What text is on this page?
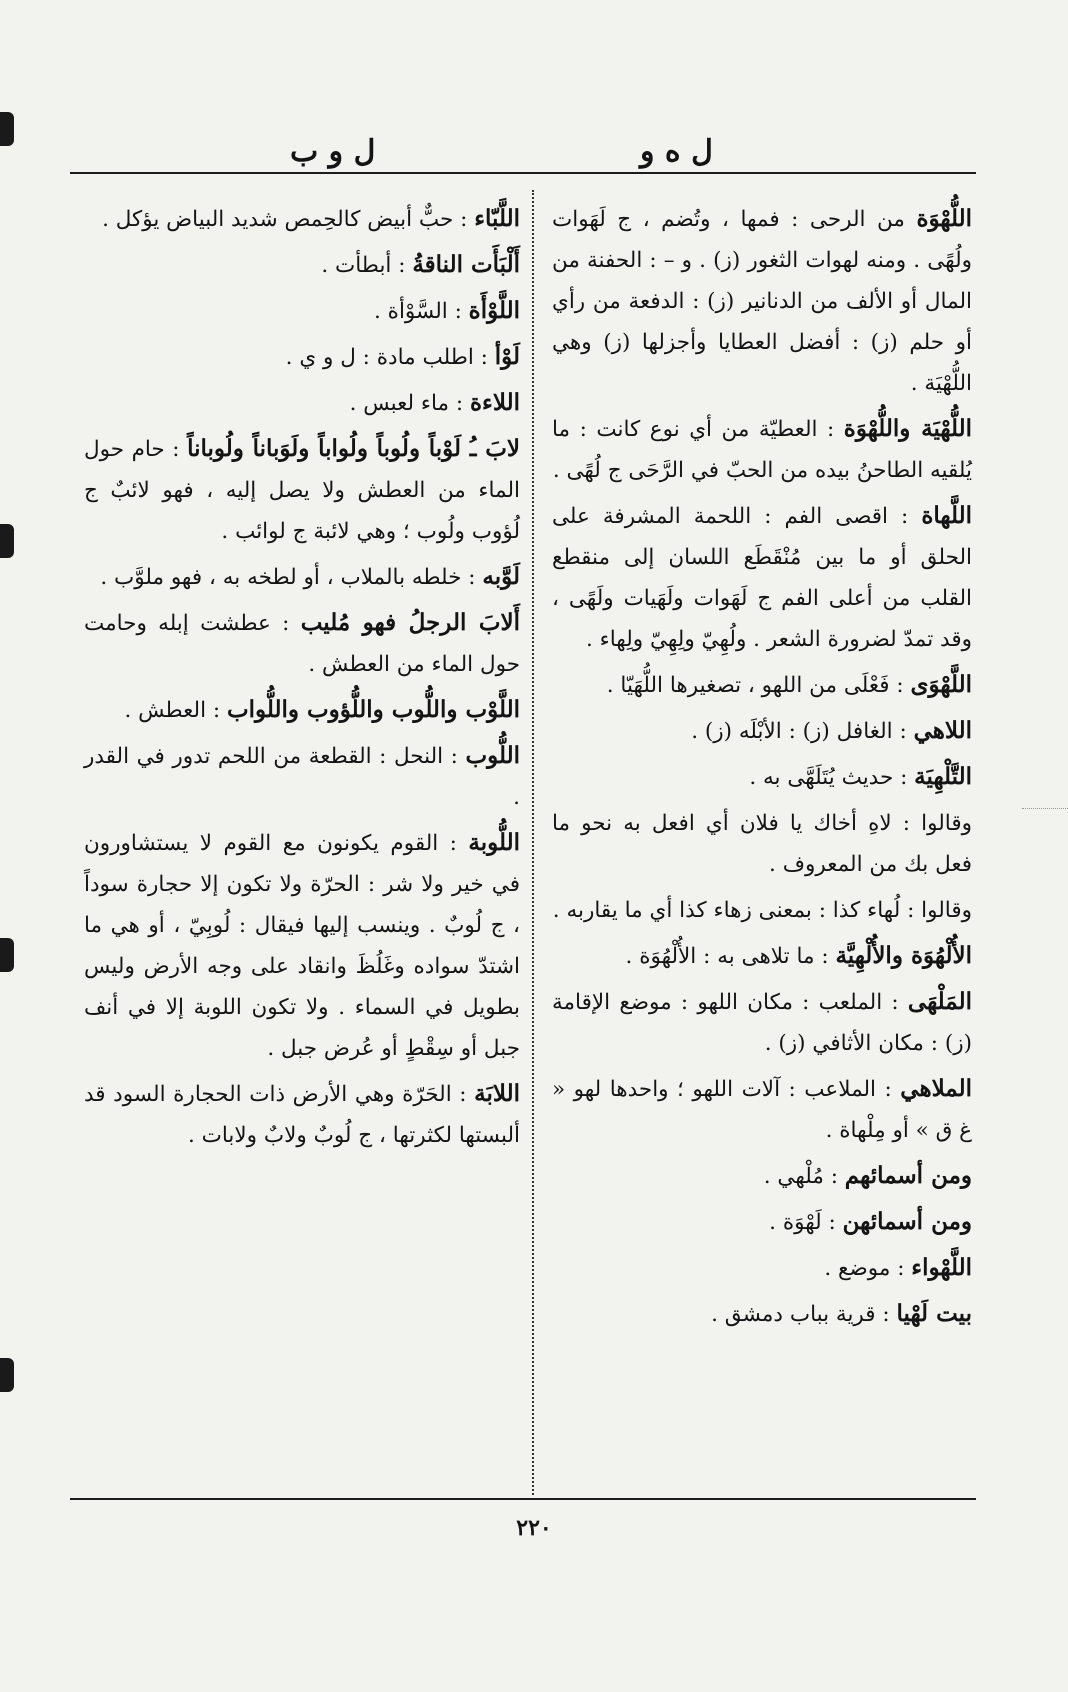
ل ه و
ل و ب

اللُّهْوَة من الرحى : فمها ، وتُضم ، ج لَهَوات ولُهًى . ومنه لهوات الثغور (ز) . و – : الحفنة من المال أو الألف من الدنانير (ز) : الدفعة من رأي أو حلم (ز) : أفضل العطايا وأجزلها (ز) وهي اللُّهْيَة .

اللُّهْيَة واللُّهْوَة : العطيّة من أي نوع كانت : ما يُلقيه الطاحنُ بيده من الحبّ في الرَّحَى ج لُهًى .

اللَّهاة : اقصى الفم : اللحمة المشرفة على الحلق أو ما بين مُنْقَطَع اللسان إلى منقطع القلب من أعلى الفم ج لَهَوات ولَهَيات ولَهًى ، وقد تمدّ لضرورة الشعر . ولُهِيّ ولِهِيّ ولِهاء .

اللَّهْوَى : فَعْلَى من اللهو ، تصغيرها اللُّهَيّا .

اللاهي : الغافل (ز) : الأبْلَه (ز) .

التَّلْهِيَة : حديث يُتَلَهَّى به .

وقالوا : لاهِ أخاك يا فلان أي افعل به نحو ما فعل بك من المعروف .

وقالوا : لُهاء كذا : بمعنى زهاء كذا أي ما يقاربه .

الأُلْهُوَة والأُلْهِيَّة : ما تلاهى به : الأُلْهُوَة .

المَلْهَى : الملعب : مكان اللهو : موضع الإقامة (ز) : مكان الأثافي (ز) .

الملاهي : الملاعب : آلات اللهو ؛ واحدها لهو « غ ق » أو مِلْهاة .

ومن أسمائهم : مُلْهي .

ومن أسمائهن : لَهْوَة .

اللَّهْواء : موضع .

بيت لَهْيا : قرية بباب دمشق .

اللَّبّاء : حبٌّ أبيض كالحِمص شديد البياض يؤكل .

أَلْبَأَت الناقةُ : أبطأت .

اللَّوْأَة : السَّوْأة .

لَوْأ : اطلب مادة : ل و ي .

اللاءة : ماء لعبس .

لابَ ـُ لَوْباً ولُوباً ولُواباً ولَوَباناً ولُوباناً : حام حول الماء من العطش ولا يصل إليه ، فهو لائبٌ ج لُؤوب ولُوب ؛ وهي لائبة ج لوائب .

لَوَّبه : خلطه بالملاب ، أو لطخه به ، فهو ملوَّب .

أَلابَ الرجلُ فهو مُليب : عطشت إبله وحامت حول الماء من العطش .

اللَّوْب واللُّوب واللُّؤوب واللُّواب : العطش .

اللُّوب : النحل : القطعة من اللحم تدور في القدر .

اللُّوبة : القوم يكونون مع القوم لا يستشاورون في خير ولا شر : الحرّة ولا تكون إلا حجارة سوداً ، ج لُوبٌ . وينسب إليها فيقال : لُوبِيّ ، أو هي ما اشتدّ سواده وغَلُظَ وانقاد على وجه الأرض وليس بطويل في السماء . ولا تكون اللوبة إلا في أنف جبل أو سِقْطٍ أو عُرض جبل .

اللابَة : الحَرّة وهي الأرض ذات الحجارة السود قد ألبستها لكثرتها ، ج لُوبٌ ولابٌ ولابات .

٢٢٠
